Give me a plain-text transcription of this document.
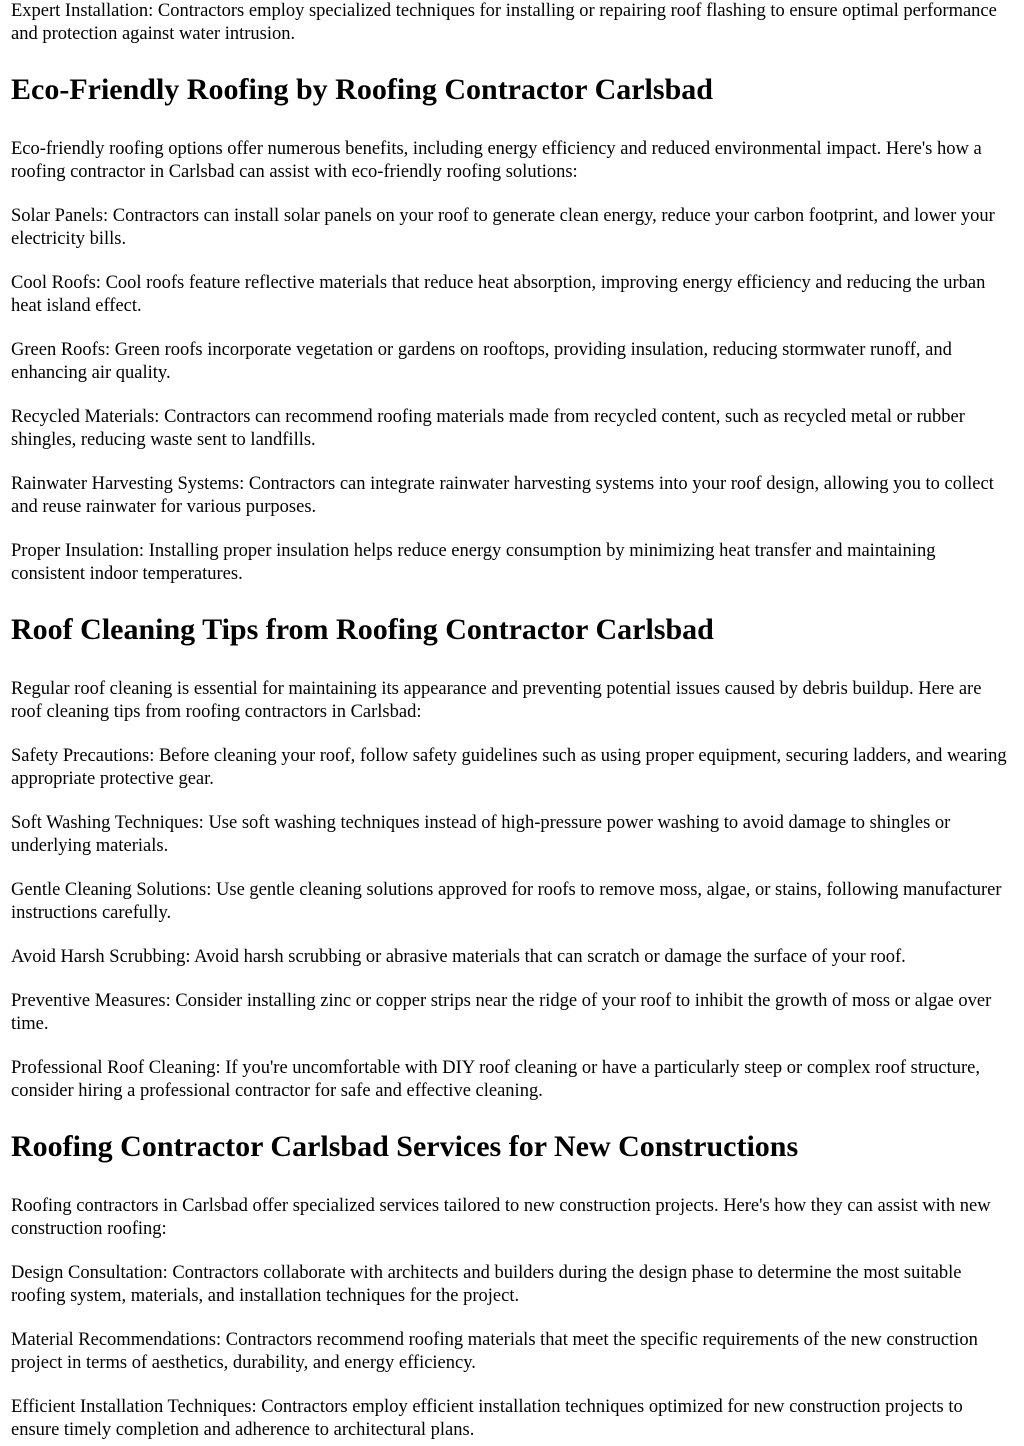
Expert Installation: Contractors employ specialized techniques for installing or repairing roof flashing to ensure optimal performance and protection against water intrusion.

Eco-Friendly Roofing by Roofing Contractor Carlsbad

Eco-friendly roofing options offer numerous benefits, including energy efficiency and reduced environmental impact. Here's how a roofing contractor in Carlsbad can assist with eco-friendly roofing solutions:

Solar Panels: Contractors can install solar panels on your roof to generate clean energy, reduce your carbon footprint, and lower your electricity bills.

Cool Roofs: Cool roofs feature reflective materials that reduce heat absorption, improving energy efficiency and reducing the urban heat island effect.

Green Roofs: Green roofs incorporate vegetation or gardens on rooftops, providing insulation, reducing stormwater runoff, and enhancing air quality.

Recycled Materials: Contractors can recommend roofing materials made from recycled content, such as recycled metal or rubber shingles, reducing waste sent to landfills.

Rainwater Harvesting Systems: Contractors can integrate rainwater harvesting systems into your roof design, allowing you to collect and reuse rainwater for various purposes.

Proper Insulation: Installing proper insulation helps reduce energy consumption by minimizing heat transfer and maintaining consistent indoor temperatures.

Roof Cleaning Tips from Roofing Contractor Carlsbad

Regular roof cleaning is essential for maintaining its appearance and preventing potential issues caused by debris buildup. Here are roof cleaning tips from roofing contractors in Carlsbad:

Safety Precautions: Before cleaning your roof, follow safety guidelines such as using proper equipment, securing ladders, and wearing appropriate protective gear.

Soft Washing Techniques: Use soft washing techniques instead of high-pressure power washing to avoid damage to shingles or underlying materials.

Gentle Cleaning Solutions: Use gentle cleaning solutions approved for roofs to remove moss, algae, or stains, following manufacturer instructions carefully.

Avoid Harsh Scrubbing: Avoid harsh scrubbing or abrasive materials that can scratch or damage the surface of your roof.

Preventive Measures: Consider installing zinc or copper strips near the ridge of your roof to inhibit the growth of moss or algae over time.

Professional Roof Cleaning: If you're uncomfortable with DIY roof cleaning or have a particularly steep or complex roof structure, consider hiring a professional contractor for safe and effective cleaning.

Roofing Contractor Carlsbad Services for New Constructions

Roofing contractors in Carlsbad offer specialized services tailored to new construction projects. Here's how they can assist with new construction roofing:

Design Consultation: Contractors collaborate with architects and builders during the design phase to determine the most suitable roofing system, materials, and installation techniques for the project.

Material Recommendations: Contractors recommend roofing materials that meet the specific requirements of the new construction project in terms of aesthetics, durability, and energy efficiency.

Efficient Installation Techniques: Contractors employ efficient installation techniques optimized for new construction projects to ensure timely completion and adherence to architectural plans.
